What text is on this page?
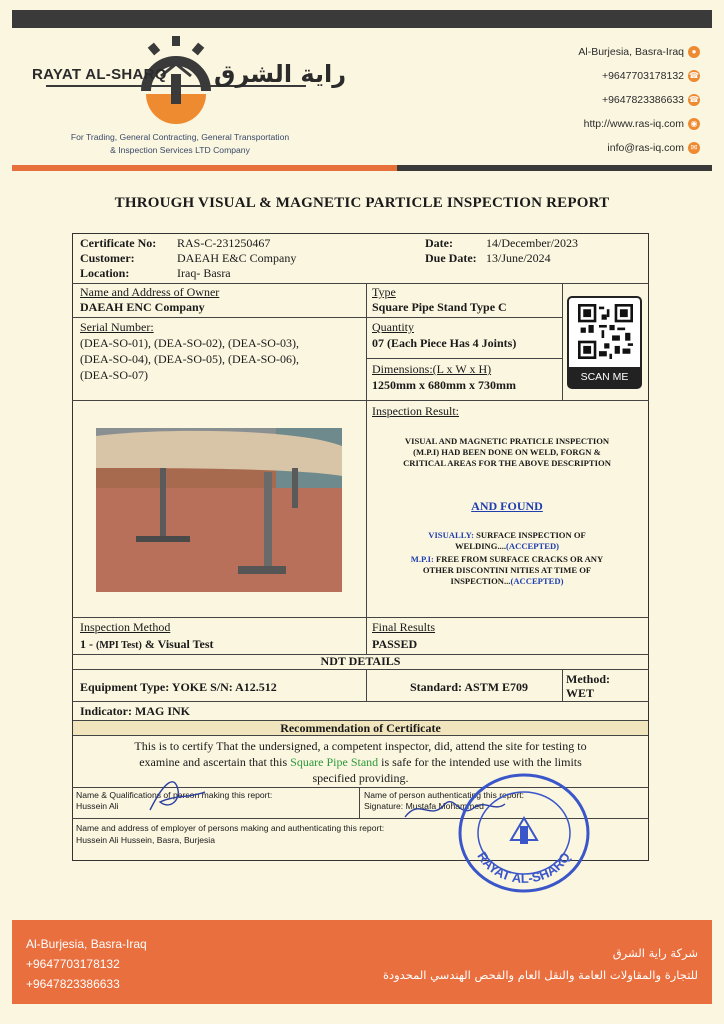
RAYAT AL-SHARQ راية الشرق
For Trading, General Contracting, General Transportation
& Inspection Services LTD Company
Al-Burjesia, Basra-Iraq ●
+9647703178132 ☎
+9647823386633 ☎
http://www.ras-iq.com ◉
info@ras-iq.com ✉
THROUGH VISUAL & MAGNETIC PARTICLE INSPECTION REPORT
Certificate No: RAS-C-231250467
Customer:	DAEAH E&C Company
Location:	Iraq- Basra
Date:	14/December/2023
Due Date: 13/June/2024
Name and Address of Owner
DAEAH ENC Company
Type
Square Pipe Stand Type C
Serial Number:
(DEA-SO-01), (DEA-SO-02), (DEA-SO-03),
(DEA-SO-04), (DEA-SO-05), (DEA-SO-06),
(DEA-SO-07)
Quantity
07 (Each Piece Has 4 Joints)
Dimensions:(L x W x H)
1250mm x 680mm x 730mm
SCAN ME
Inspection Result:
VISUAL AND MAGNETIC PRATICLE INSPECTION
(M.P.I) HAD BEEN DONE ON WELD, FORGN &
CRITICAL AREAS FOR THE ABOVE DESCRIPTION
AND FOUND
VISUALLY: SURFACE INSPECTION OF
WELDING....(ACCEPTED)
M.P.I: FREE FROM SURFACE CRACKS OR ANY
OTHER DISCONTINI NITIES AT TIME OF
INSPECTION...(ACCEPTED)
Inspection Method
1 - (MPI Test) & Visual Test
Final Results
PASSED
NDT DETAILS
Equipment Type: YOKE S/N: A12.512	Standard: ASTM E709
Method:
WET
Indicator: MAG INK
Recommendation of Certificate
This is to certify That the undersigned, a competent inspector, did, attend the site for testing to
examine and ascertain that this Square Pipe Stand is safe for the intended use with the limits
specified providing.
Name & Qualifications of person making this report:
Hussein Ali
Name of person authenticating this report:
Signature: Mustafa Mohammed
Name and address of employer of persons making and authenticating this report:
Hussein Ali Hussein, Basra, Burjesia
RAYAT AL-SHARQ
Al-Burjesia, Basra-Iraq
+9647703178132
+9647823386633
شركة راية الشرق
للتجارة والمقاولات العامة والنقل العام والفحص الهندسي المحدودة
